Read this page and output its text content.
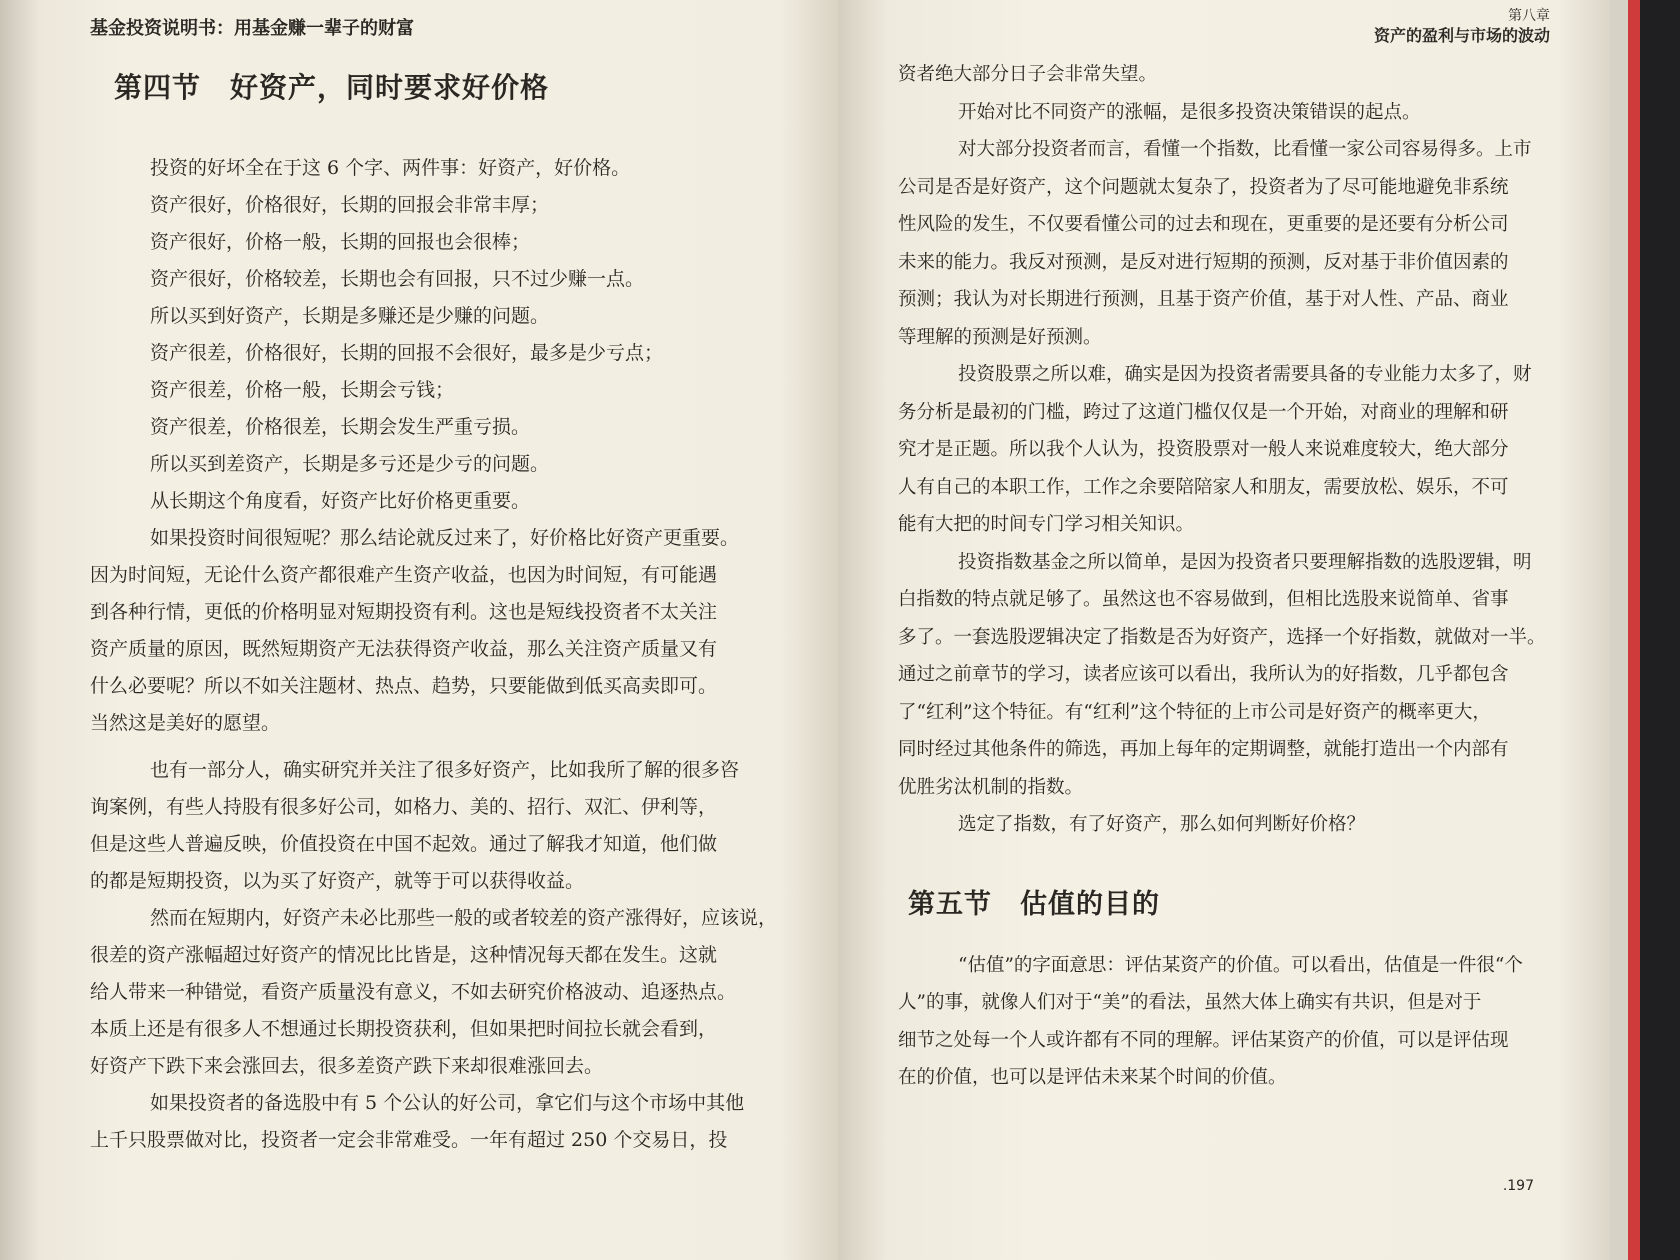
基金投资说明书：用基金赚一辈子的财富

第四节　好资产，同时要求好价格

投资的好坏全在于这 6 个字、两件事：好资产，好价格。

资产很好，价格很好，长期的回报会非常丰厚；

资产很好，价格一般，长期的回报也会很棒；

资产很好，价格较差，长期也会有回报，只不过少赚一点。

所以买到好资产，长期是多赚还是少赚的问题。

资产很差，价格很好，长期的回报不会很好，最多是少亏点；

资产很差，价格一般，长期会亏钱；

资产很差，价格很差，长期会发生严重亏损。

所以买到差资产，长期是多亏还是少亏的问题。

从长期这个角度看，好资产比好价格更重要。

如果投资时间很短呢？那么结论就反过来了，好价格比好资产更重要。

因为时间短，无论什么资产都很难产生资产收益，也因为时间短，有可能遇

到各种行情，更低的价格明显对短期投资有利。这也是短线投资者不太关注

资产质量的原因，既然短期资产无法获得资产收益，那么关注资产质量又有

什么必要呢？所以不如关注题材、热点、趋势，只要能做到低买高卖即可。

当然这是美好的愿望。

也有一部分人，确实研究并关注了很多好资产，比如我所了解的很多咨

询案例，有些人持股有很多好公司，如格力、美的、招行、双汇、伊利等，

但是这些人普遍反映，价值投资在中国不起效。通过了解我才知道，他们做

的都是短期投资，以为买了好资产，就等于可以获得收益。

然而在短期内，好资产未必比那些一般的或者较差的资产涨得好，应该说，

很差的资产涨幅超过好资产的情况比比皆是，这种情况每天都在发生。这就

给人带来一种错觉，看资产质量没有意义，不如去研究价格波动、追逐热点。

本质上还是有很多人不想通过长期投资获利，但如果把时间拉长就会看到，

好资产下跌下来会涨回去，很多差资产跌下来却很难涨回去。

如果投资者的备选股中有 5 个公认的好公司，拿它们与这个市场中其他

上千只股票做对比，投资者一定会非常难受。一年有超过 250 个交易日，投

第八章
资产的盈利与市场的波动

资者绝大部分日子会非常失望。

开始对比不同资产的涨幅，是很多投资决策错误的起点。

对大部分投资者而言，看懂一个指数，比看懂一家公司容易得多。上市

公司是否是好资产，这个问题就太复杂了，投资者为了尽可能地避免非系统

性风险的发生，不仅要看懂公司的过去和现在，更重要的是还要有分析公司

未来的能力。我反对预测，是反对进行短期的预测，反对基于非价值因素的

预测；我认为对长期进行预测，且基于资产价值，基于对人性、产品、商业

等理解的预测是好预测。

投资股票之所以难，确实是因为投资者需要具备的专业能力太多了，财

务分析是最初的门槛，跨过了这道门槛仅仅是一个开始，对商业的理解和研

究才是正题。所以我个人认为，投资股票对一般人来说难度较大，绝大部分

人有自己的本职工作，工作之余要陪陪家人和朋友，需要放松、娱乐，不可

能有大把的时间专门学习相关知识。

投资指数基金之所以简单，是因为投资者只要理解指数的选股逻辑，明

白指数的特点就足够了。虽然这也不容易做到，但相比选股来说简单、省事

多了。一套选股逻辑决定了指数是否为好资产，选择一个好指数，就做对一半。

通过之前章节的学习，读者应该可以看出，我所认为的好指数，几乎都包含

了“红利”这个特征。有“红利”这个特征的上市公司是好资产的概率更大，

同时经过其他条件的筛选，再加上每年的定期调整，就能打造出一个内部有

优胜劣汰机制的指数。

选定了指数，有了好资产，那么如何判断好价格？

第五节　估值的目的

“估值”的字面意思：评估某资产的价值。可以看出，估值是一件很“个

人”的事，就像人们对于“美”的看法，虽然大体上确实有共识，但是对于

细节之处每一个人或许都有不同的理解。评估某资产的价值，可以是评估现

在的价值，也可以是评估未来某个时间的价值。

.197
